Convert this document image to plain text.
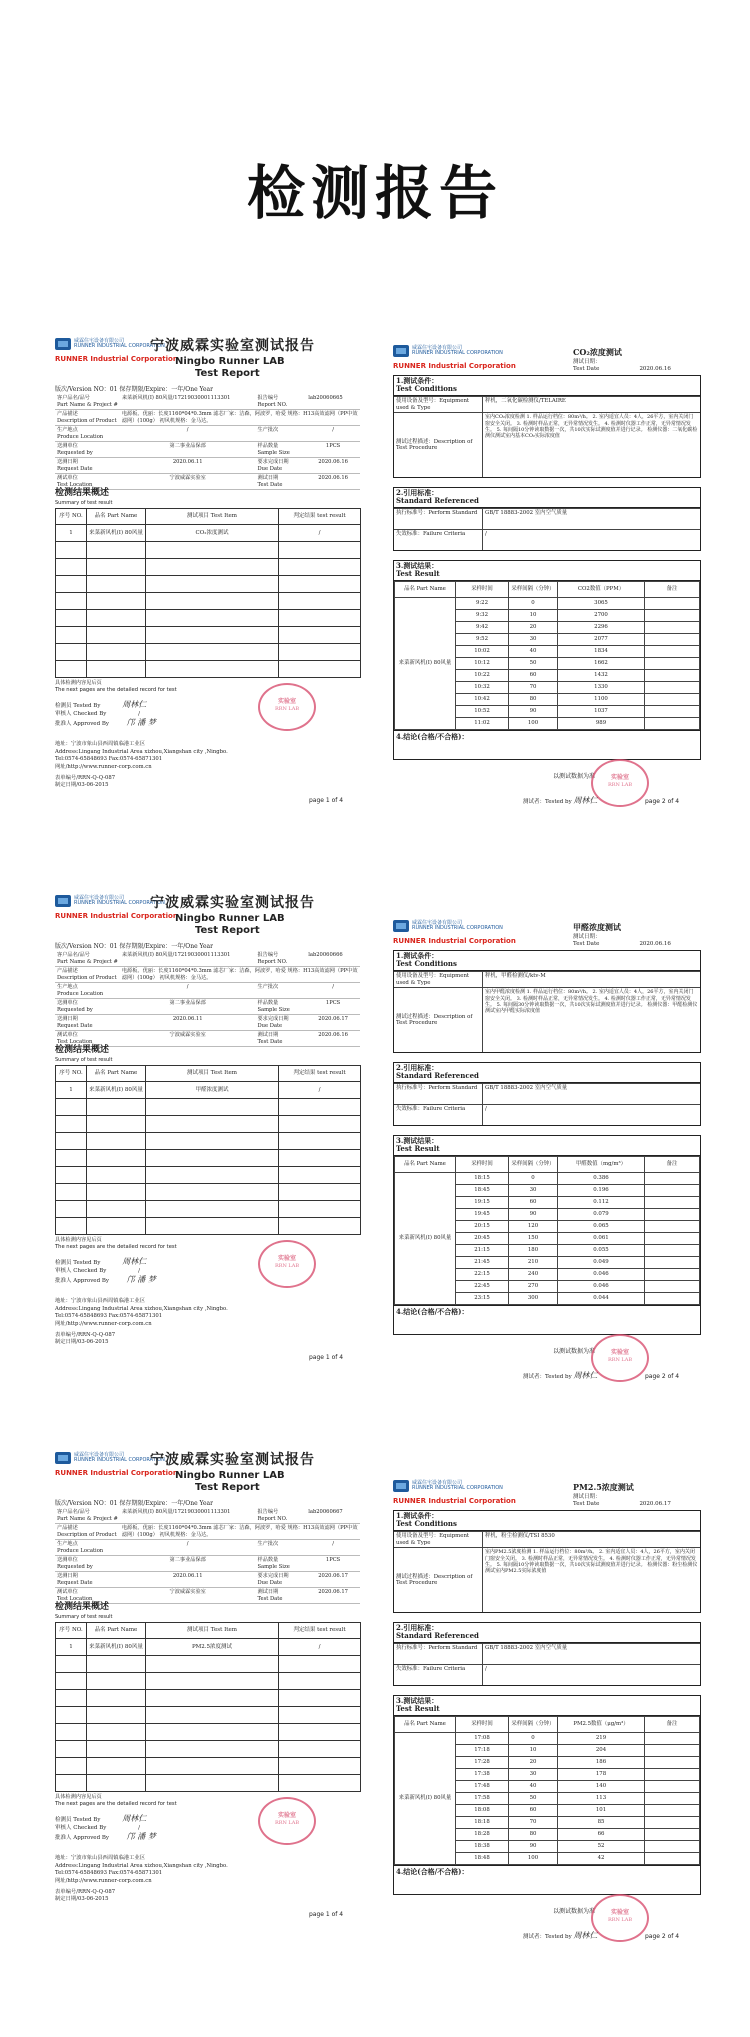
检测报告
威霖住宅设备有限公司
RUNNER INDUSTRIAL CORPORATION
RUNNER Industrial Corporation
宁波威霖实验室测试报告
Ningbo Runner LAB
Test Report
版次/Version NO：01 保存期限/Expire：一年/One Year
客户品名/品号
Part Name & Project #	来菜新风机(I) 80风量/17219030001113301	报告编号
Report NO.	lab20060665
产品描述
Description of Product	电源板、优丽：长度1160*04*0.3mm 滤芯厂家：洁森，阿波罗，哈爱 规格：H13高效滤网（PP中效滤网）(100g） 初风机规格：金马达。		
生产地点
Produce Location	/	生产批次	/
送测单位
Requested by	第二事业品保部	样品数量
Sample Size	1PCS
送测日期
Request Date	2020.06.11	要求完成日期
Due Date	2020.06.16
测试单位
Test Location	宁波威霖实验室	测试日期
Test Date	2020.06.16
检测结果概述
Summary of test result
序号 NO.	品名 Part Name	测试项目 Test Item	判定结果 test result
1	来菜新风机(I) 80风量	CO₂浓度测试	/

具体检测内容见后页
The next pages are the detailed record for test
检测员 Tested By	周林仁
审核人 Checked By	/
批准人 Approved By 邝 潘 梦
实验室
RRN LAB
地址：宁波市象山县西周镇临港工业区
Address:Lingang Industrial Area xizhou,Xiangshan city ,Ningbo.
Tel:0574-65848693 Fax:0574-65871301
网址/http://www.runner-corp.com.cn
表单编号/RRN-Q-Q-087
制定日期/03-06-2015
page 1 of 4
威霖住宅设备有限公司
RUNNER INDUSTRIAL CORPORATION
RUNNER Industrial Corporation
宁波威霖实验室测试报告
Ningbo Runner LAB
Test Report
版次/Version NO：01 保存期限/Expire：一年/One Year
客户品名/品号
Part Name & Project #	来菜新风机(I) 80风量/17219030001113301	报告编号
Report NO.	lab20060666
产品描述
Description of Product	电源板、优丽：长度1160*04*0.3mm 滤芯厂家：洁森，阿波罗，哈爱 规格：H13高效滤网（PP中效滤网）(100g） 初风机规格：金马达。		
生产地点
Produce Location	/	生产批次	/
送测单位
Requested by	第二事业品保部	样品数量
Sample Size	1PCS
送测日期
Request Date	2020.06.11	要求完成日期
Due Date	2020.06.17
测试单位
Test Location	宁波威霖实验室	测试日期
Test Date	2020.06.16
检测结果概述
Summary of test result
序号 NO.	品名 Part Name	测试项目 Test Item	判定结果 test result
1	来菜新风机(I) 80风量	甲醛浓度测试	/

具体检测内容见后页
The next pages are the detailed record for test
检测员 Tested By	周林仁
审核人 Checked By	/
批准人 Approved By 邝 潘 梦
实验室
RRN LAB
地址：宁波市象山县西周镇临港工业区
Address:Lingang Industrial Area xizhou,Xiangshan city ,Ningbo.
Tel:0574-65848693 Fax:0574-65871301
网址/http://www.runner-corp.com.cn
表单编号/RRN-Q-Q-087
制定日期/03-06-2015
page 1 of 4
威霖住宅设备有限公司
RUNNER INDUSTRIAL CORPORATION
RUNNER Industrial Corporation
宁波威霖实验室测试报告
Ningbo Runner LAB
Test Report
版次/Version NO：01 保存期限/Expire：一年/One Year
客户品名/品号
Part Name & Project #	来菜新风机(I) 80风量/17219030001113301	报告编号
Report NO.	lab20060667
产品描述
Description of Product	电源板、优丽：长度1160*04*0.3mm 滤芯厂家：洁森，阿波罗，哈爱 规格：H13高效滤网（PP中效滤网）(100g） 初风机规格：金马达。		
生产地点
Produce Location	/	生产批次	/
送测单位
Requested by	第二事业品保部	样品数量
Sample Size	1PCS
送测日期
Request Date	2020.06.11	要求完成日期
Due Date	2020.06.17
测试单位
Test Location	宁波威霖实验室	测试日期
Test Date	2020.06.17
检测结果概述
Summary of test result
序号 NO.	品名 Part Name	测试项目 Test Item	判定结果 test result
1	来菜新风机(I) 80风量	PM2.5浓度测试	/

具体检测内容见后页
The next pages are the detailed record for test
检测员 Tested By	周林仁
审核人 Checked By	/
批准人 Approved By 邝 潘 梦
实验室
RRN LAB
地址：宁波市象山县西周镇临港工业区
Address:Lingang Industrial Area xizhou,Xiangshan city ,Ningbo.
Tel:0574-65848693 Fax:0574-65871301
网址/http://www.runner-corp.com.cn
表单编号/RRN-Q-Q-087
制定日期/03-06-2015
page 1 of 4
威霖住宅设备有限公司
RUNNER INDUSTRIAL CORPORATION
RUNNER Industrial Corporation
CO₂浓度测试
测试日期：
Test Date	2020.06.16
1.测试条件：
Test Conditions
使用设备及型号：Equipment used & Type	秤机，二氧化碳检测仪/TELAIRE
测试过程描述：Description of Test Procedure	室内CO₂浓度检测 1. 样品运行档位：80m³/h。 2. 室内适宜人员：4人，26平方，室内关闭门窗安全关闭。 3. 检测时样品正常，无异常情况发生。 4. 检测时仪器工作正常，无异常情况发生。 5. 每间隔10分钟读取数据一次，共10次实际试测度值并进行记录。 检测仪器：二氧化碳检测仪测试室内基本CO₂实际浓度值
2.引用标准：
Standard Referenced
执行标准号：Perform Standard	GB/T 18883-2002 室内空气质量
失效标准：Failure Criteria	/
3.测试结果：
Test Result
品名 Part Name	采样时间	采样间隔（分钟）	CO2数值（PPM）	备注
来菜新风机(I) 80风量	9:22	0	3065	
	9:32	10	2700	
	9:42	20	2296	
	9:52	30	2077	
	10:02	40	1834	
	10:12	50	1662	
	10:22	60	1432	
	10:32	70	1330	
	10:42	80	1100	
	10:52	90	1037	
	11:02	100	989	
4.结论(合格/不合格)：
以测试数据为准	实验室
RRN LAB
测试者：Tested by 周林仁	page 2 of 4
威霖住宅设备有限公司
RUNNER INDUSTRIAL CORPORATION
RUNNER Industrial Corporation
甲醛浓度测试
测试日期：
Test Date	2020.06.16
1.测试条件：
Test Conditions
使用设备及型号：Equipment used & Type	秤机，甲醛检测仪/ktv-M
测试过程描述：Description of Test Procedure	室内甲醛浓度检测 1. 样品运行档位：80m³/h。 2. 室内适宜人员：4人，26平方，室内关闭门窗安全关闭。 3. 检测时样品正常，无异常情况发生。 4. 检测时仪器工作正常，无异常情况发生。 5. 每间隔30分钟读取数据一次，共10次实际试测度值并进行记录。 检测仪器：甲醛检测仪测试室内甲醛实际浓度值
2.引用标准：
Standard Referenced
执行标准号：Perform Standard	GB/T 18883-2002 室内空气质量
失效标准：Failure Criteria	/
3.测试结果：
Test Result
品名 Part Name	采样时间	采样间隔（分钟）	甲醛数值（mg/m³）	备注
来菜新风机(I) 80风量	18:15	0	0.386	
	18:45	30	0.196	
	19:15	60	0.112	
	19:45	90	0.079	
	20:15	120	0.065	
	20:45	150	0.061	
	21:15	180	0.055	
	21:45	210	0.049	
	22:15	240	0.046	
	22:45	270	0.046	
	23:15	300	0.044	
4.结论(合格/不合格)：
以测试数据为准	实验室
RRN LAB
测试者：Tested by 周林仁	page 2 of 4
威霖住宅设备有限公司
RUNNER INDUSTRIAL CORPORATION
RUNNER Industrial Corporation
PM2.5浓度测试
测试日期：
Test Date	2020.06.17
1.测试条件：
Test Conditions
使用设备及型号：Equipment used & Type	秤机，粉尘检测仪/TSI 8530
测试过程描述：Description of Test Procedure	室内PM2.5浓度检测 1. 样品运行档位：80m³/h。 2. 室内适宜人员：4人，26平方，室内关闭门窗安全关闭。 3. 检测时样品正常，无异常情况发生。 4. 检测时仪器工作正常，无异常情况发生。 5. 每间隔10分钟读取数据一次，共10次实际试测度值并进行记录。 检测仪器：粉尘检测仪测试室内PM2.5实际浓度值
2.引用标准：
Standard Referenced
执行标准号：Perform Standard	GB/T 18883-2002 室内空气质量
失效标准：Failure Criteria	/
3.测试结果：
Test Result
品名 Part Name	采样时间	采样间隔（分钟）	PM2.5数值（μg/m³）	备注
来菜新风机(I) 80风量	17:08	0	219	
	17:18	10	204	
	17:28	20	186	
	17:38	30	178	
	17:48	40	140	
	17:58	50	113	
	18:08	60	101	
	18:18	70	85	
	18:28	80	66	
	18:38	90	52	
	18:48	100	42	
4.结论(合格/不合格)：
以测试数据为准	实验室
RRN LAB
测试者：Tested by 周林仁	page 2 of 4
